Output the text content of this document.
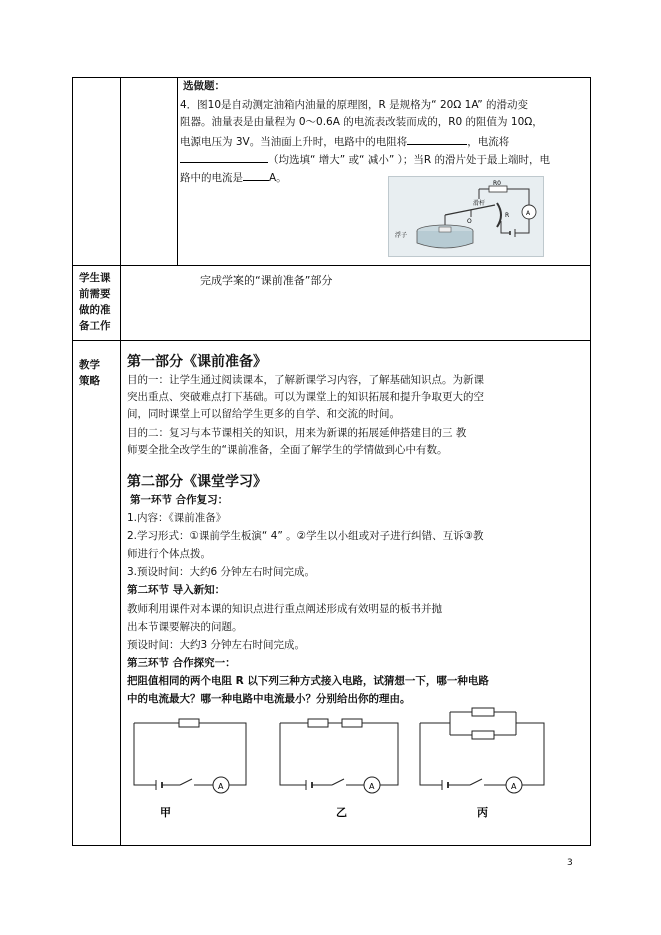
选做题：
4．图10是自动测定油箱内油量的原理图，R 是规格为“ 20Ω 1A” 的滑动变
阻器。油量表是由量程为 0～0.6A 的电流表改装而成的，R0 的阻值为 10Ω，
电源电压为 3V。当油面上升时，电路中的电阻将	，电流将
（均选填“ 增大” 或“ 减小” ）；当R 的滑片处于最上端时，电
路中的电流是 A。	R0
A
滑杆
O
R
浮子
学生课
前需要
做的准
备工作
完成学案的“课前准备”部分
教学
策略
第一部分《课前准备》
目的一：让学生通过阅读课本，了解新课学习内容，了解基础知识点。为新课
突出重点、突破难点打下基础。可以为课堂上的知识拓展和提升争取更大的空
间，同时课堂上可以留给学生更多的自学、和交流的时间。
目的二：复习与本节课相关的知识，用来为新课的拓展延伸搭建目的三 教
师要全批全改学生的“课前准备，全面了解学生的学情做到心中有数。
第二部分《课堂学习》
第一环节 合作复习：
1.内容：《课前准备》
2.学习形式：①课前学生板演“ 4” 。②学生以小组或对子进行纠错、互诉③教
师进行个体点拨。
3.预设时间：大约6 分钟左右时间完成。
第二环节 导入新知：
教师利用课件对本课的知识点进行重点阐述形成有效明显的板书并抛
出本节课要解决的问题。
预设时间：大约3 分钟左右时间完成。
第三环节 合作探究一：
把阻值相同的两个电阻 R 以下列三种方式接入电路，试猜想一下，哪一种电路
中的电流最大？哪一种电路中电流最小？分别给出你的理由。
A	A	A
甲	乙	丙
3
